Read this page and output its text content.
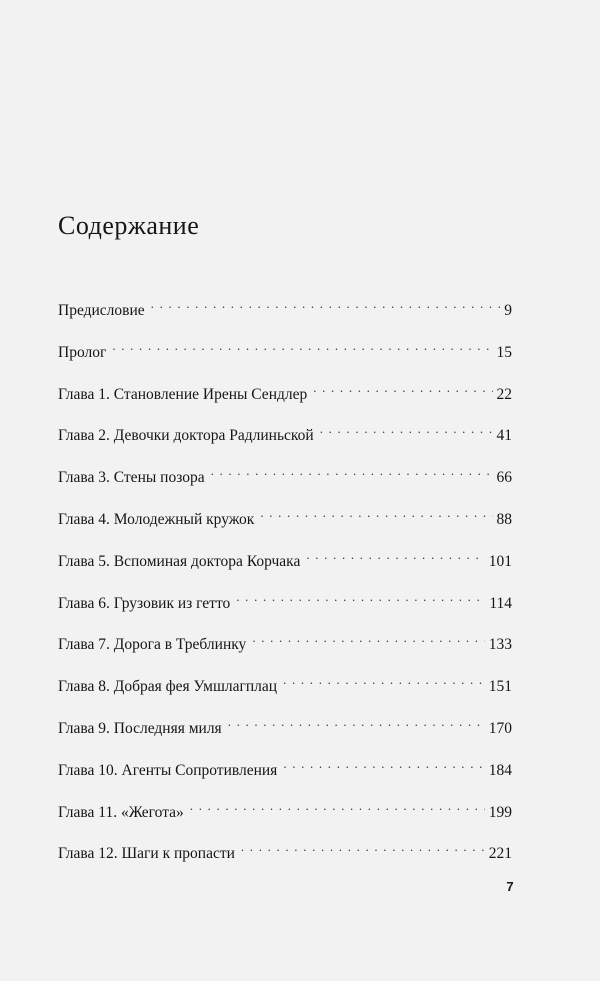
Содержание
Предисловие . . .	9
Пролог . . .	15
Глава 1. Становление Ирены Сендлер . . .	22
Глава 2. Девочки доктора Радлиньской . . .	41
Глава 3. Стены позора . . .	66
Глава 4. Молодежный кружок . . .	88
Глава 5. Вспоминая доктора Корчака . . .	101
Глава 6. Грузовик из гетто . . .	114
Глава 7. Дорога в Треблинку . . .	133
Глава 8. Добрая фея Умшлагплац . . .	151
Глава 9. Последняя миля . . .	170
Глава 10. Агенты Сопротивления . . .	184
Глава 11. «Жегота» . . .	199
Глава 12. Шаги к пропасти . . .	221
7
